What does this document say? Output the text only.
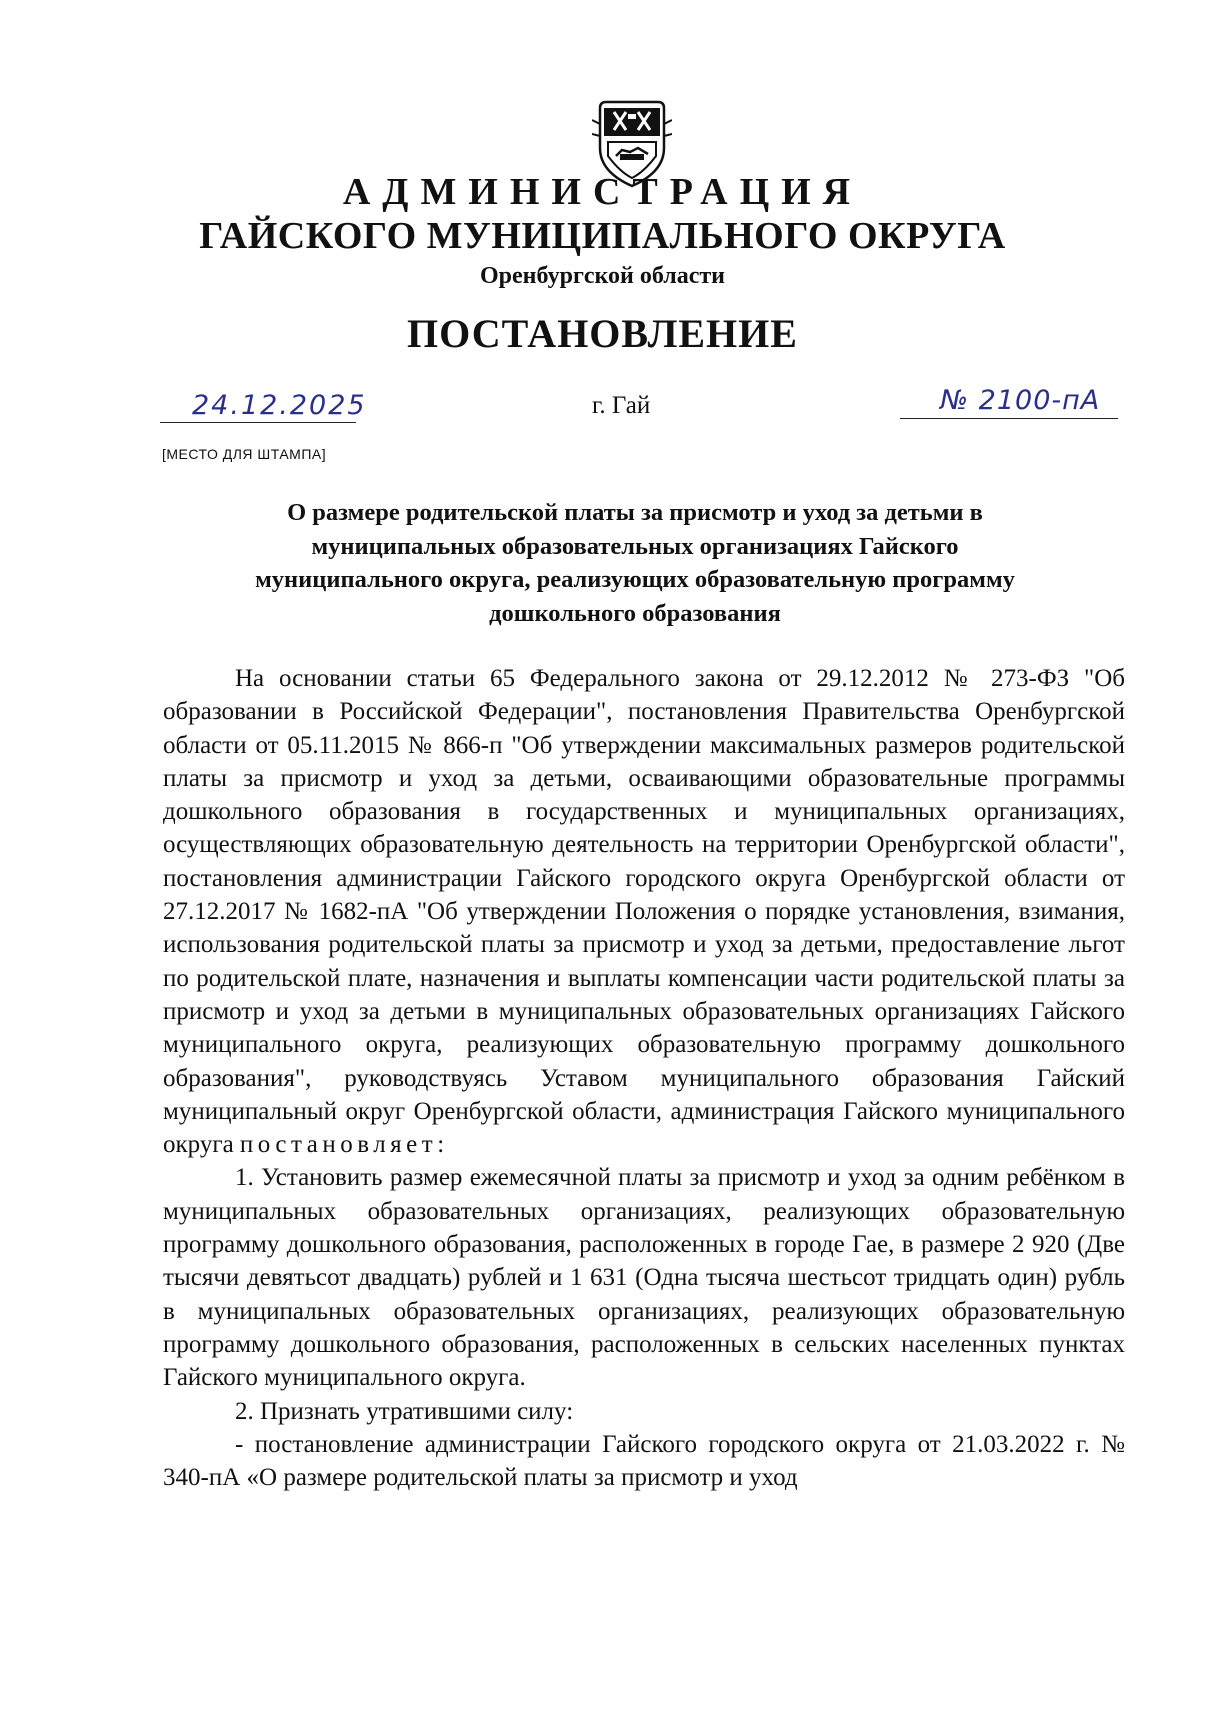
АДМИНИСТРАЦИЯ
ГАЙСКОГО МУНИЦИПАЛЬНОГО ОКРУГА
Оренбургской области
ПОСТАНОВЛЕНИЕ
24.12.2025	г. Гай	№ 2100-пА
[МЕСТО ДЛЯ ШТАМПА]
О размере родительской платы за присмотр и уход за детьми в
муниципальных образовательных организациях Гайского
муниципального округа, реализующих образовательную программу
дошкольного образования

На основании статьи 65 Федерального закона от 29.12.2012 № 273-ФЗ "Об образовании в Российской Федерации", постановления Правительства Оренбургской области от 05.11.2015 № 866-п "Об утверждении максимальных размеров родительской платы за присмотр и уход за детьми, осваивающими образовательные программы дошкольного образования в государственных и муниципальных организациях, осуществляющих образовательную деятельность на территории Оренбургской области", постановления администрации Гайского городского округа Оренбургской области от 27.12.2017 № 1682-пА "Об утверждении Положения о порядке установления, взимания, использования родительской платы за присмотр и уход за детьми, предоставление льгот по родительской плате, назначения и выплаты компенсации части родительской платы за присмотр и уход за детьми в муниципальных образовательных организациях Гайского муниципального округа, реализующих образовательную программу дошкольного образования", руководствуясь Уставом муниципального образования Гайский муниципальный округ Оренбургской области, администрация Гайского муниципального округа постановляет:

1. Установить размер ежемесячной платы за присмотр и уход за одним ребёнком в муниципальных образовательных организациях, реализующих образовательную программу дошкольного образования, расположенных в городе Гае, в размере 2 920 (Две тысячи девятьсот двадцать) рублей и 1 631 (Одна тысяча шестьсот тридцать один) рубль в муниципальных образовательных организациях, реализующих образовательную программу дошкольного образования, расположенных в сельских населенных пунктах Гайского муниципального округа.

2. Признать утратившими силу:

- постановление администрации Гайского городского округа от 21.03.2022 г. № 340-пА «О размере родительской платы за присмотр и уход
